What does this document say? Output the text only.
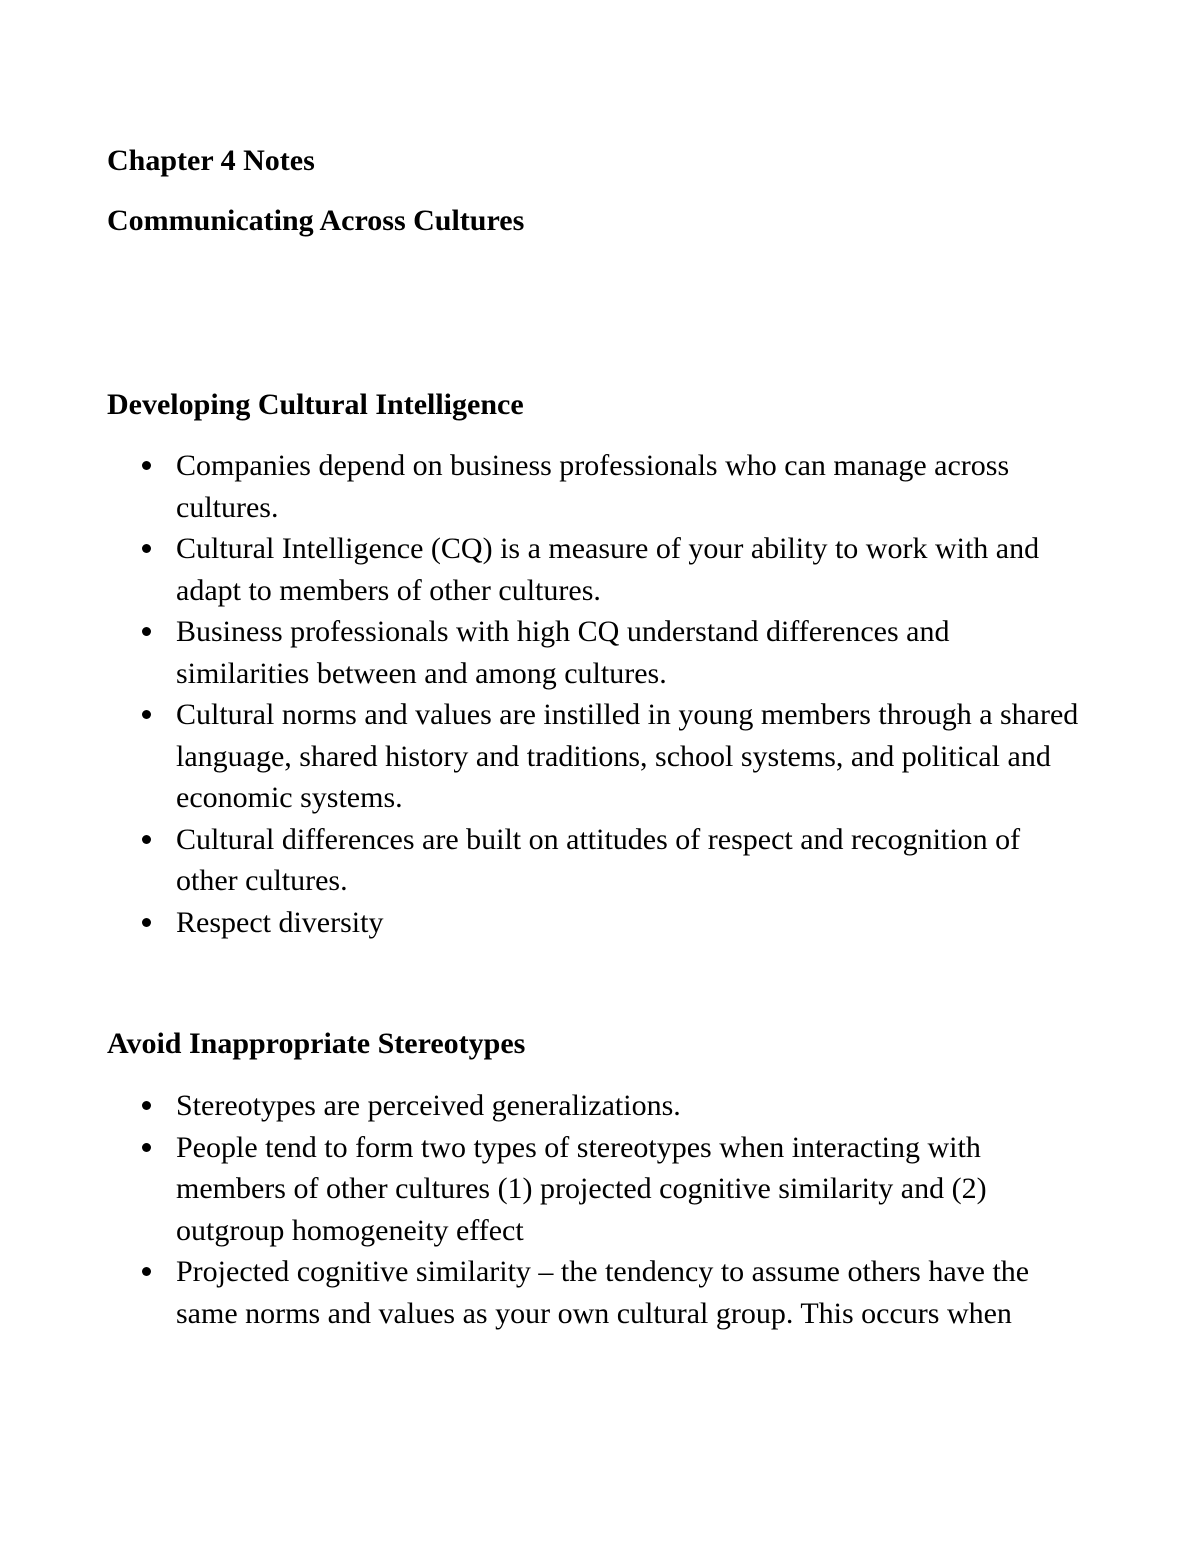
Chapter 4 Notes
Communicating Across Cultures
Developing Cultural Intelligence
Companies depend on business professionals who can manage across cultures.
Cultural Intelligence (CQ) is a measure of your ability to work with and adapt to members of other cultures.
Business professionals with high CQ understand differences and similarities between and among cultures.
Cultural norms and values are instilled in young members through a shared language, shared history and traditions, school systems, and political and economic systems.
Cultural differences are built on attitudes of respect and recognition of other cultures.
Respect diversity
Avoid Inappropriate Stereotypes
Stereotypes are perceived generalizations.
People tend to form two types of stereotypes when interacting with members of other cultures (1) projected cognitive similarity and (2) outgroup homogeneity effect
Projected cognitive similarity – the tendency to assume others have the same norms and values as your own cultural group. This occurs when
